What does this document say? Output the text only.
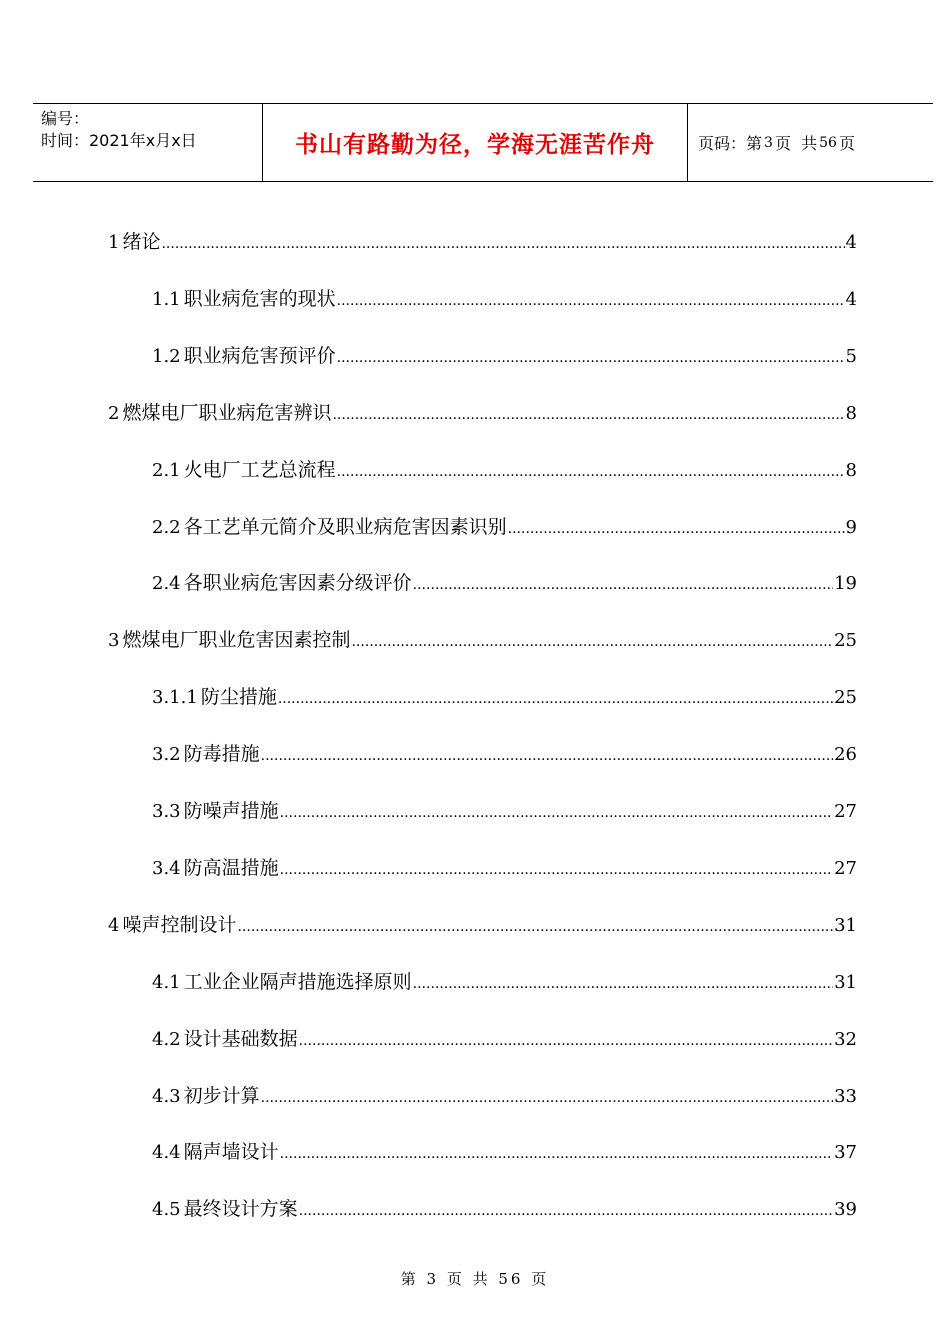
编号：
时间：2021年x月x日	书山有路勤为径，学海无涯苦作舟	页码：第 3 页  共 56 页
1 绪论 .....	4
1.1 职业病危害的现状 .....	4
1.2 职业病危害预评价 .....	5
2 燃煤电厂职业病危害辨识 .....	8
2.1 火电厂工艺总流程 .....	8
2.2 各工艺单元简介及职业病危害因素识别 .....	9
2.4 各职业病危害因素分级评价 .....	19
3 燃煤电厂职业危害因素控制 .....	25
3.1.1 防尘措施 .....	25
3.2 防毒措施 .....	26
3.3 防噪声措施 .....	27
3.4 防高温措施 .....	27
4 噪声控制设计 .....	31
4.1 工业企业隔声措施选择原则 .....	31
4.2 设计基础数据 .....	32
4.3 初步计算 .....	33
4.4 隔声墙设计 .....	37
4.5 最终设计方案 .....	39
第 3 页 共 56 页
